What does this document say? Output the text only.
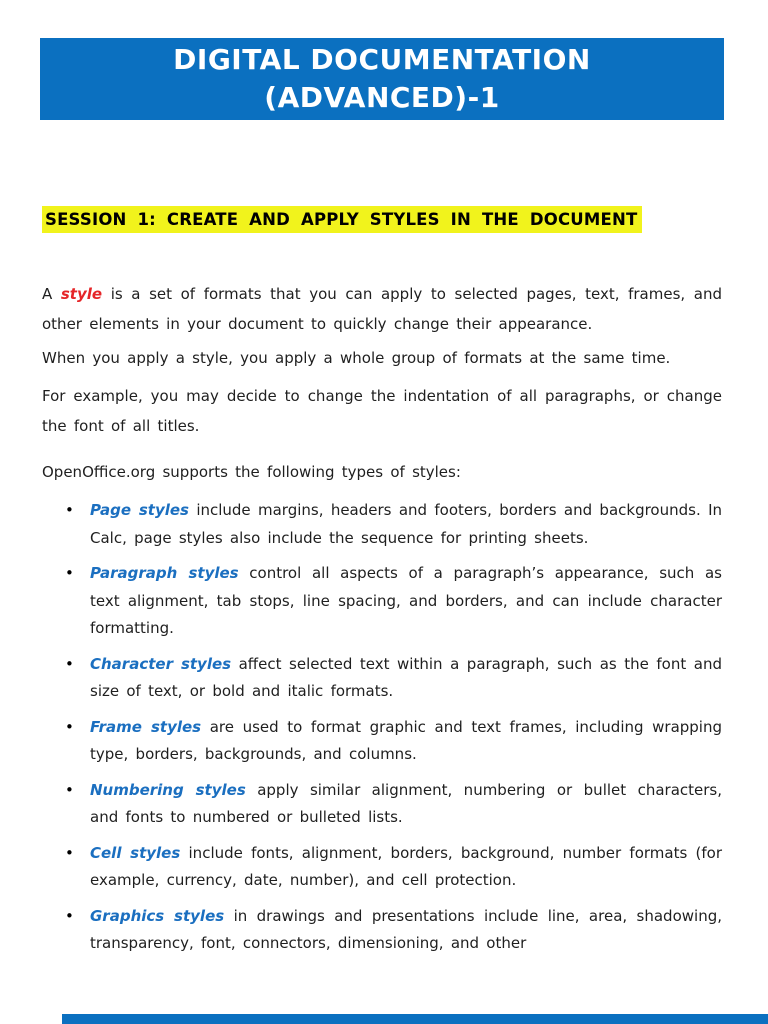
DIGITAL DOCUMENTATION
(ADVANCED)-1
SESSION 1: CREATE AND APPLY STYLES IN THE DOCUMENT

A style is a set of formats that you can apply to selected pages, text, frames, and other elements in your document to quickly change their appearance.

When you apply a style, you apply a whole group of formats at the same time.

For example, you may decide to change the indentation of all paragraphs, or change the font of all titles.

OpenOffice.org supports the following types of styles:

• Page styles include margins, headers and footers, borders and backgrounds. In Calc, page styles also include the sequence for printing sheets.
• Paragraph styles control all aspects of a paragraph’s appearance, such as text alignment, tab stops, line spacing, and borders, and can include character formatting.
• Character styles affect selected text within a paragraph, such as the font and size of text, or bold and italic formats.
• Frame styles are used to format graphic and text frames, including wrapping type, borders, backgrounds, and columns.
• Numbering styles apply similar alignment, numbering or bullet characters, and fonts to numbered or bulleted lists.
• Cell styles include fonts, alignment, borders, background, number formats (for example, currency, date, number), and cell protection.
• Graphics styles in drawings and presentations include line, area, shadowing, transparency, font, connectors, dimensioning, and other
